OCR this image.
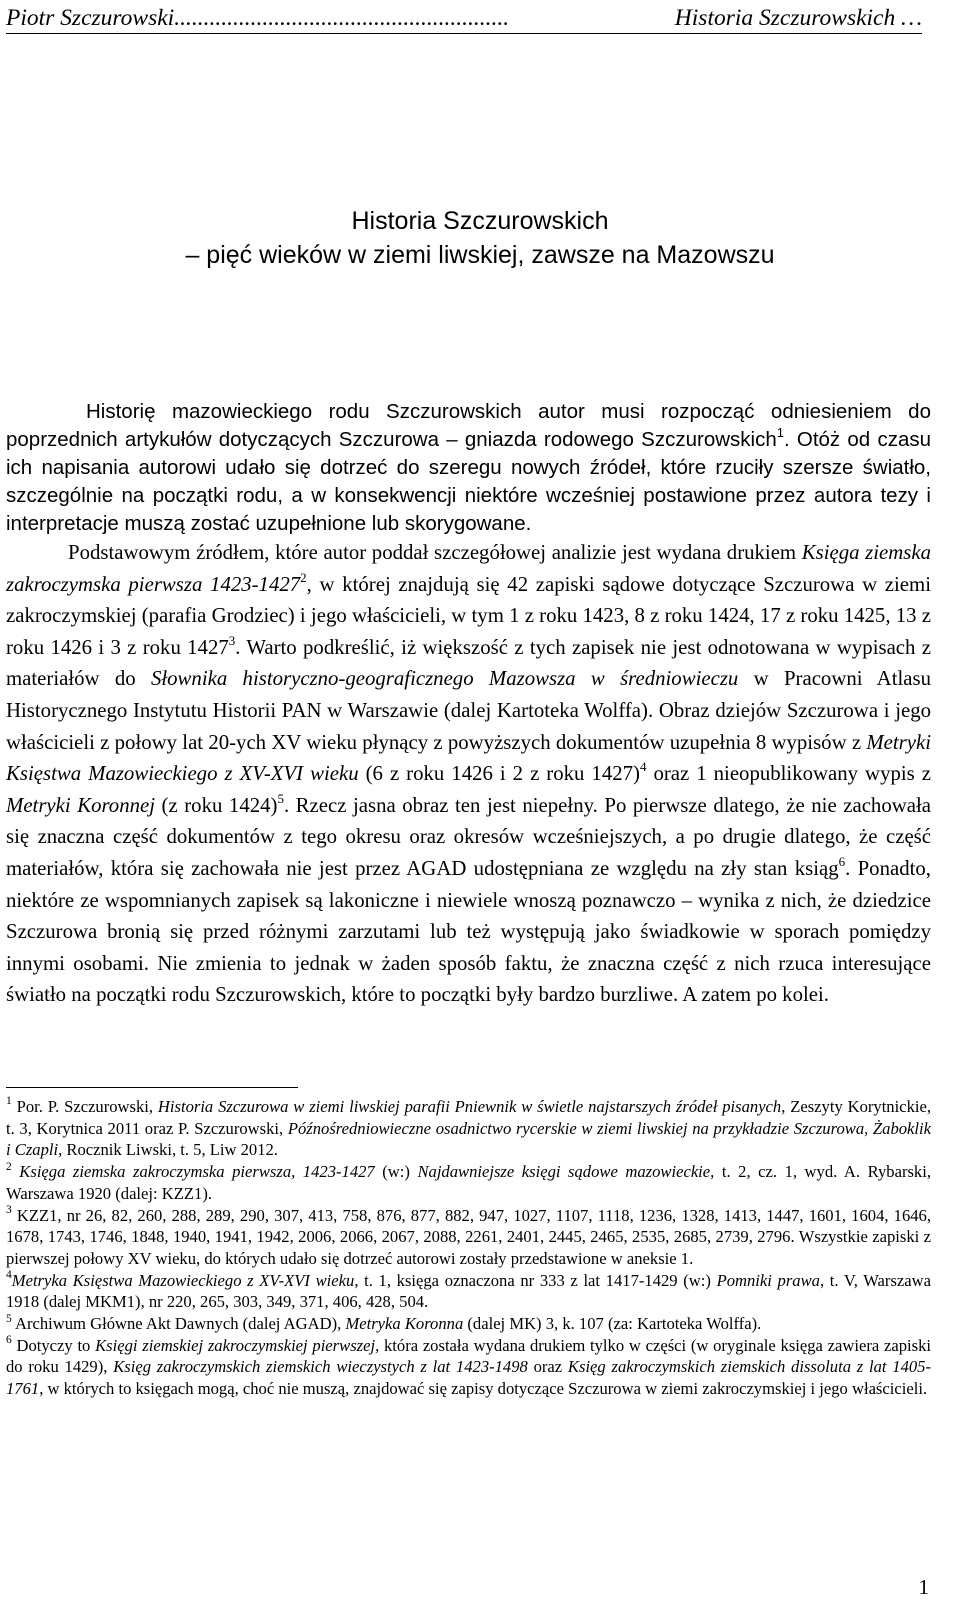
Piotr Szczurowski.........................................................	Historia Szczurowskich …
Historia Szczurowskich
– pięć wieków w ziemi liwskiej, zawsze na Mazowszu

Historię mazowieckiego rodu Szczurowskich autor musi rozpocząć odniesieniem do poprzednich artykułów dotyczących Szczurowa – gniazda rodowego Szczurowskich$^1$. Otóż od czasu ich napisania autorowi udało się dotrzeć do szeregu nowych źródeł, które rzuciły szersze światło, szczególnie na początki rodu, a w konsekwencji niektóre wcześniej postawione przez autora tezy i interpretacje muszą zostać uzupełnione lub skorygowane.

Podstawowym źródłem, które autor poddał szczegółowej analizie jest wydana drukiem Księga ziemska zakroczymska pierwsza 1423-1427$^2$, w której znajdują się 42 zapiski sądowe dotyczące Szczurowa w ziemi zakroczymskiej (parafia Grodziec) i jego właścicieli, w tym 1 z roku 1423, 8 z roku 1424, 17 z roku 1425, 13 z roku 1426 i 3 z roku 1427$^3$. Warto podkreślić, iż większość z tych zapisek nie jest odnotowana w wypisach z materiałów do Słownika historyczno-geograficznego Mazowsza w średniowieczu w Pracowni Atlasu Historycznego Instytutu Historii PAN w Warszawie (dalej Kartoteka Wolffa). Obraz dziejów Szczurowa i jego właścicieli z połowy lat 20-ych XV wieku płynący z powyższych dokumentów uzupełnia 8 wypisów z Metryki Księstwa Mazowieckiego z XV-XVI wieku (6 z roku 1426 i 2 z roku 1427)$^4$ oraz 1 nieopublikowany wypis z Metryki Koronnej (z roku 1424)$^5$. Rzecz jasna obraz ten jest niepełny. Po pierwsze dlatego, że nie zachowała się znaczna część dokumentów z tego okresu oraz okresów wcześniejszych, a po drugie dlatego, że część materiałów, która się zachowała nie jest przez AGAD udostępniana ze względu na zły stan ksiąg$^6$. Ponadto, niektóre ze wspomnianych zapisek są lakoniczne i niewiele wnoszą poznawczo – wynika z nich, że dziedzice Szczurowa bronią się przed różnymi zarzutami lub też występują jako świadkowie w sporach pomiędzy innymi osobami. Nie zmienia to jednak w żaden sposób faktu, że znaczna część z nich rzuca interesujące światło na początki rodu Szczurowskich, które to początki były bardzo burzliwe. A zatem po kolei.

$^1$ Por. P. Szczurowski, Historia Szczurowa w ziemi liwskiej parafii Pniewnik w świetle najstarszych źródeł pisanych, Zeszyty Korytnickie, t. 3, Korytnica 2011 oraz P. Szczurowski, Późnośredniowieczne osadnictwo rycerskie w ziemi liwskiej na przykładzie Szczurowa, Żaboklik i Czapli, Rocznik Liwski, t. 5, Liw 2012.

$^2$ Księga ziemska zakroczymska pierwsza, 1423-1427 (w:) Najdawniejsze księgi sądowe mazowieckie, t. 2, cz. 1, wyd. A. Rybarski, Warszawa 1920 (dalej: KZZ1).

$^3$ KZZ1, nr 26, 82, 260, 288, 289, 290, 307, 413, 758, 876, 877, 882, 947, 1027, 1107, 1118, 1236, 1328, 1413, 1447, 1601, 1604, 1646, 1678, 1743, 1746, 1848, 1940, 1941, 1942, 2006, 2066, 2067, 2088, 2261, 2401, 2445, 2465, 2535, 2685, 2739, 2796. Wszystkie zapiski z pierwszej połowy XV wieku, do których udało się dotrzeć autorowi zostały przedstawione w aneksie 1.

$^4$Metryka Księstwa Mazowieckiego z XV-XVI wieku, t. 1, księga oznaczona nr 333 z lat 1417-1429 (w:) Pomniki prawa, t. V, Warszawa 1918 (dalej MKM1), nr 220, 265, 303, 349, 371, 406, 428, 504.

$^5$ Archiwum Główne Akt Dawnych (dalej AGAD), Metryka Koronna (dalej MK) 3, k. 107 (za: Kartoteka Wolffa).

$^6$ Dotyczy to Księgi ziemskiej zakroczymskiej pierwszej, która została wydana drukiem tylko w części (w oryginale księga zawiera zapiski do roku 1429), Księg zakroczymskich ziemskich wieczystych z lat 1423-1498 oraz Księg zakroczymskich ziemskich dissoluta z lat 1405-1761, w których to księgach mogą, choć nie muszą, znajdować się zapisy dotyczące Szczurowa w ziemi zakroczymskiej i jego właścicieli.

1
